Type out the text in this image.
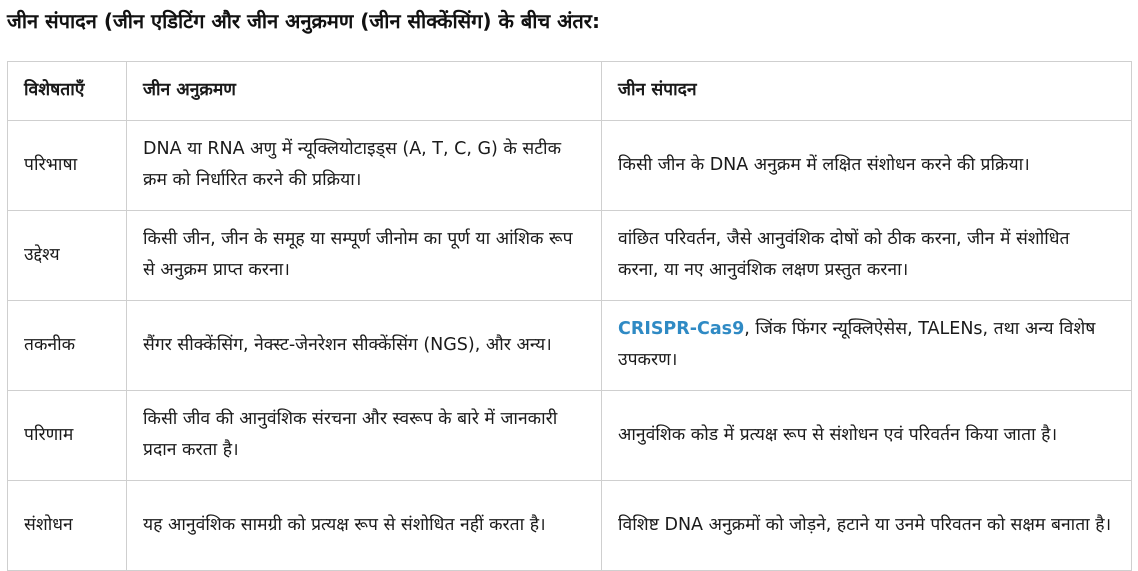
जीन संपादन (जीन एडिटिंग और जीन अनुक्रमण (जीन सीक्केंसिंग) के बीच अंतर:
विशेषताएँ	जीन अनुक्रमण	जीन संपादन
परिभाषा	DNA या RNA अणु में न्यूक्लियोटाइड्स (A, T, C, G) के सटीक क्रम को निर्धारित करने की प्रक्रिया।	किसी जीन के DNA अनुक्रम में लक्षित संशोधन करने की प्रक्रिया।
उद्देश्य	किसी जीन, जीन के समूह या सम्पूर्ण जीनोम का पूर्ण या आंशिक रूप से अनुक्रम प्राप्त करना।	वांछित परिवर्तन, जैसे आनुवंशिक दोषों को ठीक करना, जीन में संशोधित करना, या नए आनुवंशिक लक्षण प्रस्तुत करना।
तकनीक	सैंगर सीक्केंसिंग, नेक्स्ट-जेनरेशन सीक्केंसिंग (NGS), और अन्य।	CRISPR-Cas9, जिंक फिंगर न्यूक्लिऐसेस, TALENs, तथा अन्य विशेष उपकरण।
परिणाम	किसी जीव की आनुवंशिक संरचना और स्वरूप के बारे में जानकारी प्रदान करता है।	आनुवंशिक कोड में प्रत्यक्ष रूप से संशोधन एवं परिवर्तन किया जाता है।
संशोधन	यह आनुवंशिक सामग्री को प्रत्यक्ष रूप से संशोधित नहीं करता है।	विशिष्ट DNA अनुक्रमों को जोड़ने, हटाने या उनमे परिवतन को सक्षम बनाता है।
